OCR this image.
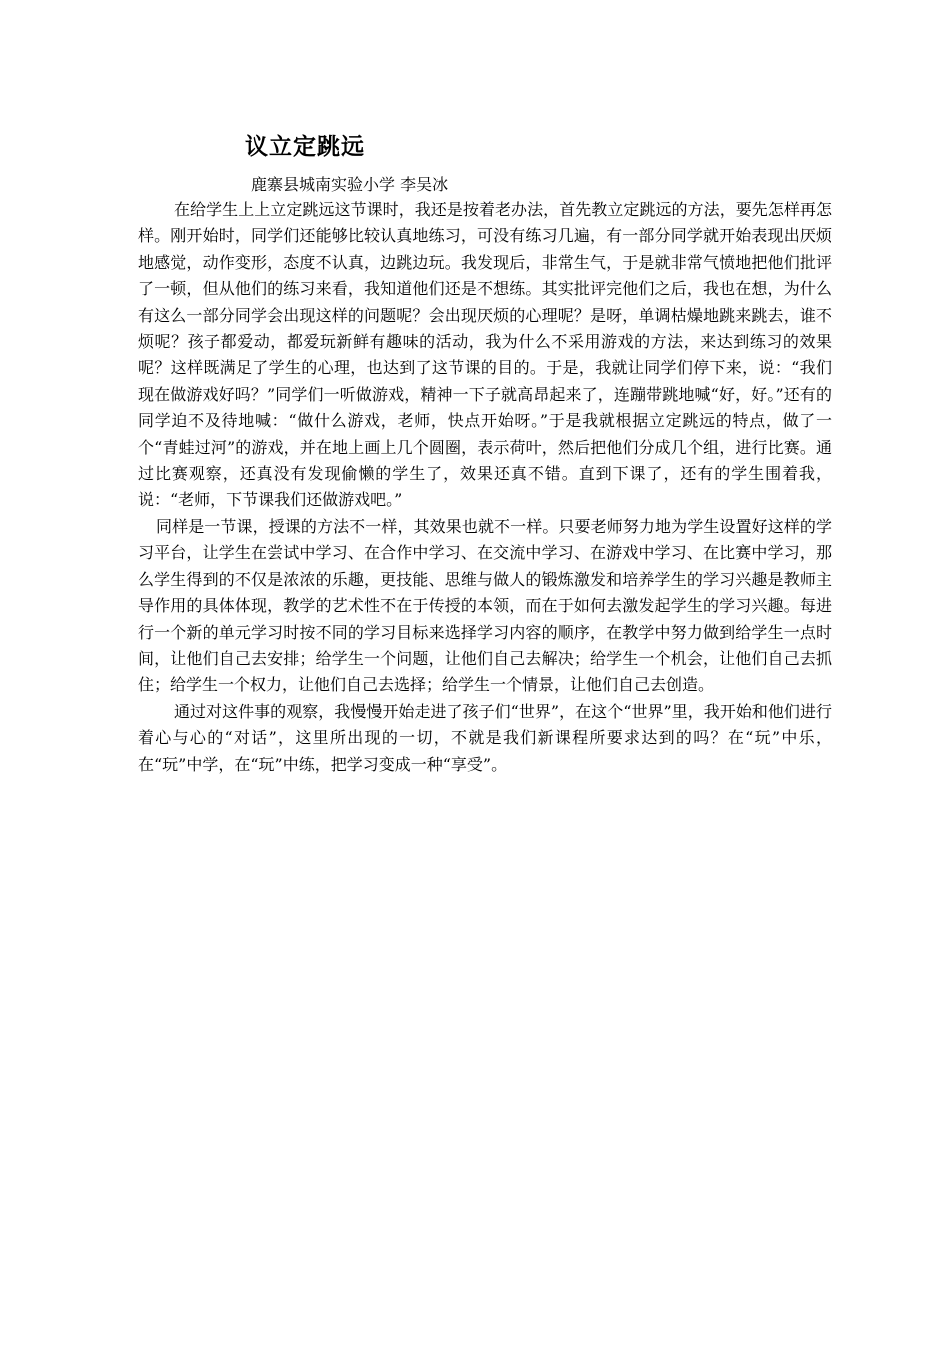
议立定跳远
鹿寨县城南实验小学 李吴冰

在给学生上上立定跳远这节课时，我还是按着老办法，首先教立定跳远的方法，要先怎样再怎样。刚开始时，同学们还能够比较认真地练习，可没有练习几遍，有一部分同学就开始表现出厌烦地感觉，动作变形，态度不认真，边跳边玩。我发现后，非常生气，于是就非常气愤地把他们批评了一顿，但从他们的练习来看，我知道他们还是不想练。其实批评完他们之后，我也在想，为什么有这么一部分同学会出现这样的问题呢？会出现厌烦的心理呢？是呀，单调枯燥地跳来跳去，谁不烦呢？孩子都爱动，都爱玩新鲜有趣味的活动，我为什么不采用游戏的方法，来达到练习的效果呢？这样既满足了学生的心理，也达到了这节课的目的。于是，我就让同学们停下来，说：“我们现在做游戏好吗？”同学们一听做游戏，精神一下子就高昂起来了，连蹦带跳地喊“好，好。”还有的同学迫不及待地喊：“做什么游戏，老师，快点开始呀。”于是我就根据立定跳远的特点，做了一个“青蛙过河”的游戏，并在地上画上几个圆圈，表示荷叶，然后把他们分成几个组，进行比赛。通过比赛观察，还真没有发现偷懒的学生了，效果还真不错。直到下课了，还有的学生围着我，说：“老师，下节课我们还做游戏吧。”

同样是一节课，授课的方法不一样，其效果也就不一样。只要老师努力地为学生设置好这样的学习平台，让学生在尝试中学习、在合作中学习、在交流中学习、在游戏中学习、在比赛中学习，那么学生得到的不仅是浓浓的乐趣，更技能、思维与做人的锻炼激发和培养学生的学习兴趣是教师主导作用的具体体现，教学的艺术性不在于传授的本领，而在于如何去激发起学生的学习兴趣。每进行一个新的单元学习时按不同的学习目标来选择学习内容的顺序，在教学中努力做到给学生一点时间，让他们自己去安排；给学生一个问题，让他们自己去解决；给学生一个机会，让他们自己去抓住；给学生一个权力，让他们自己去选择；给学生一个情景，让他们自己去创造。

通过对这件事的观察，我慢慢开始走进了孩子们“世界”，在这个“世界”里，我开始和他们进行着心与心的“对话”，这里所出现的一切，不就是我们新课程所要求达到的吗？在“玩”中乐，在“玩”中学，在“玩”中练，把学习变成一种“享受”。
